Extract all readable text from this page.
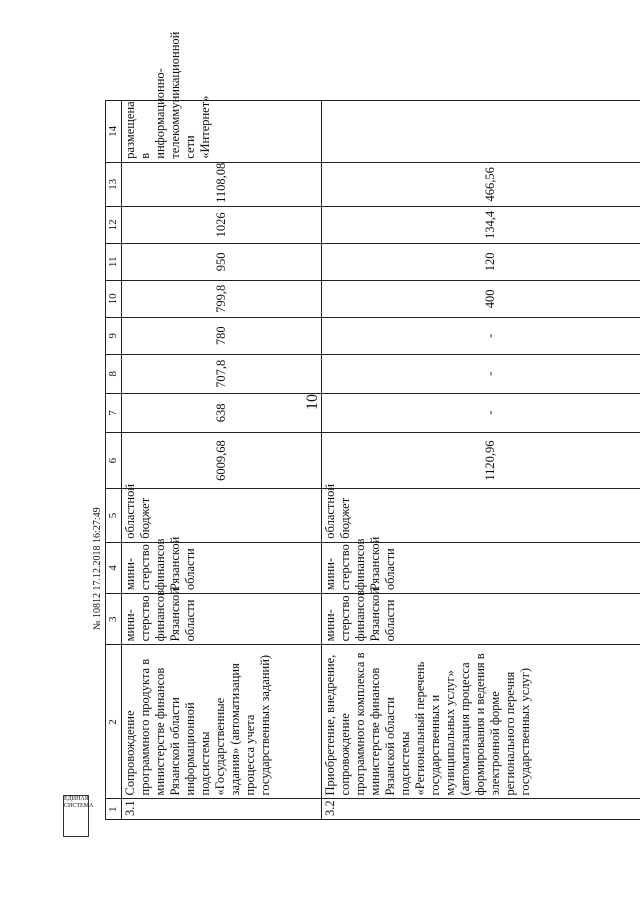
10
1	2	3	4	5	6	7	8	9	10	11	12	13	14
3.1	Сопровождение программного продукта в министерстве финансов Рязанской области информационной подсистемы «Государственные задания» (автоматизация процесса учета государственных заданий)	мини-стерство финансов Рязанской области	мини-стерство финансов Рязанской области	областной бюджет	6009,68	638	707,8	780	799,8	950	1026	1108,08	размещена в информационно-телекоммуникационной сети «Интернет»
3.2	Приобретение, внедрение, сопровождение программного комплекса в министерстве финансов Рязанской области подсистемы «Региональный перечень государственных и муниципальных услуг» (автоматизация процесса формирования и ведения в электронной форме регионального перечня государственных услуг)	мини-стерство финансов Рязанской области	мини-стерство финансов Рязанской области	областной бюджет	1120,96	-	-	-	400	120	134,4	466,56	
ЕДИНАЯ СИСТЕМА
№ 10812 17.12.2018 16:27:49
